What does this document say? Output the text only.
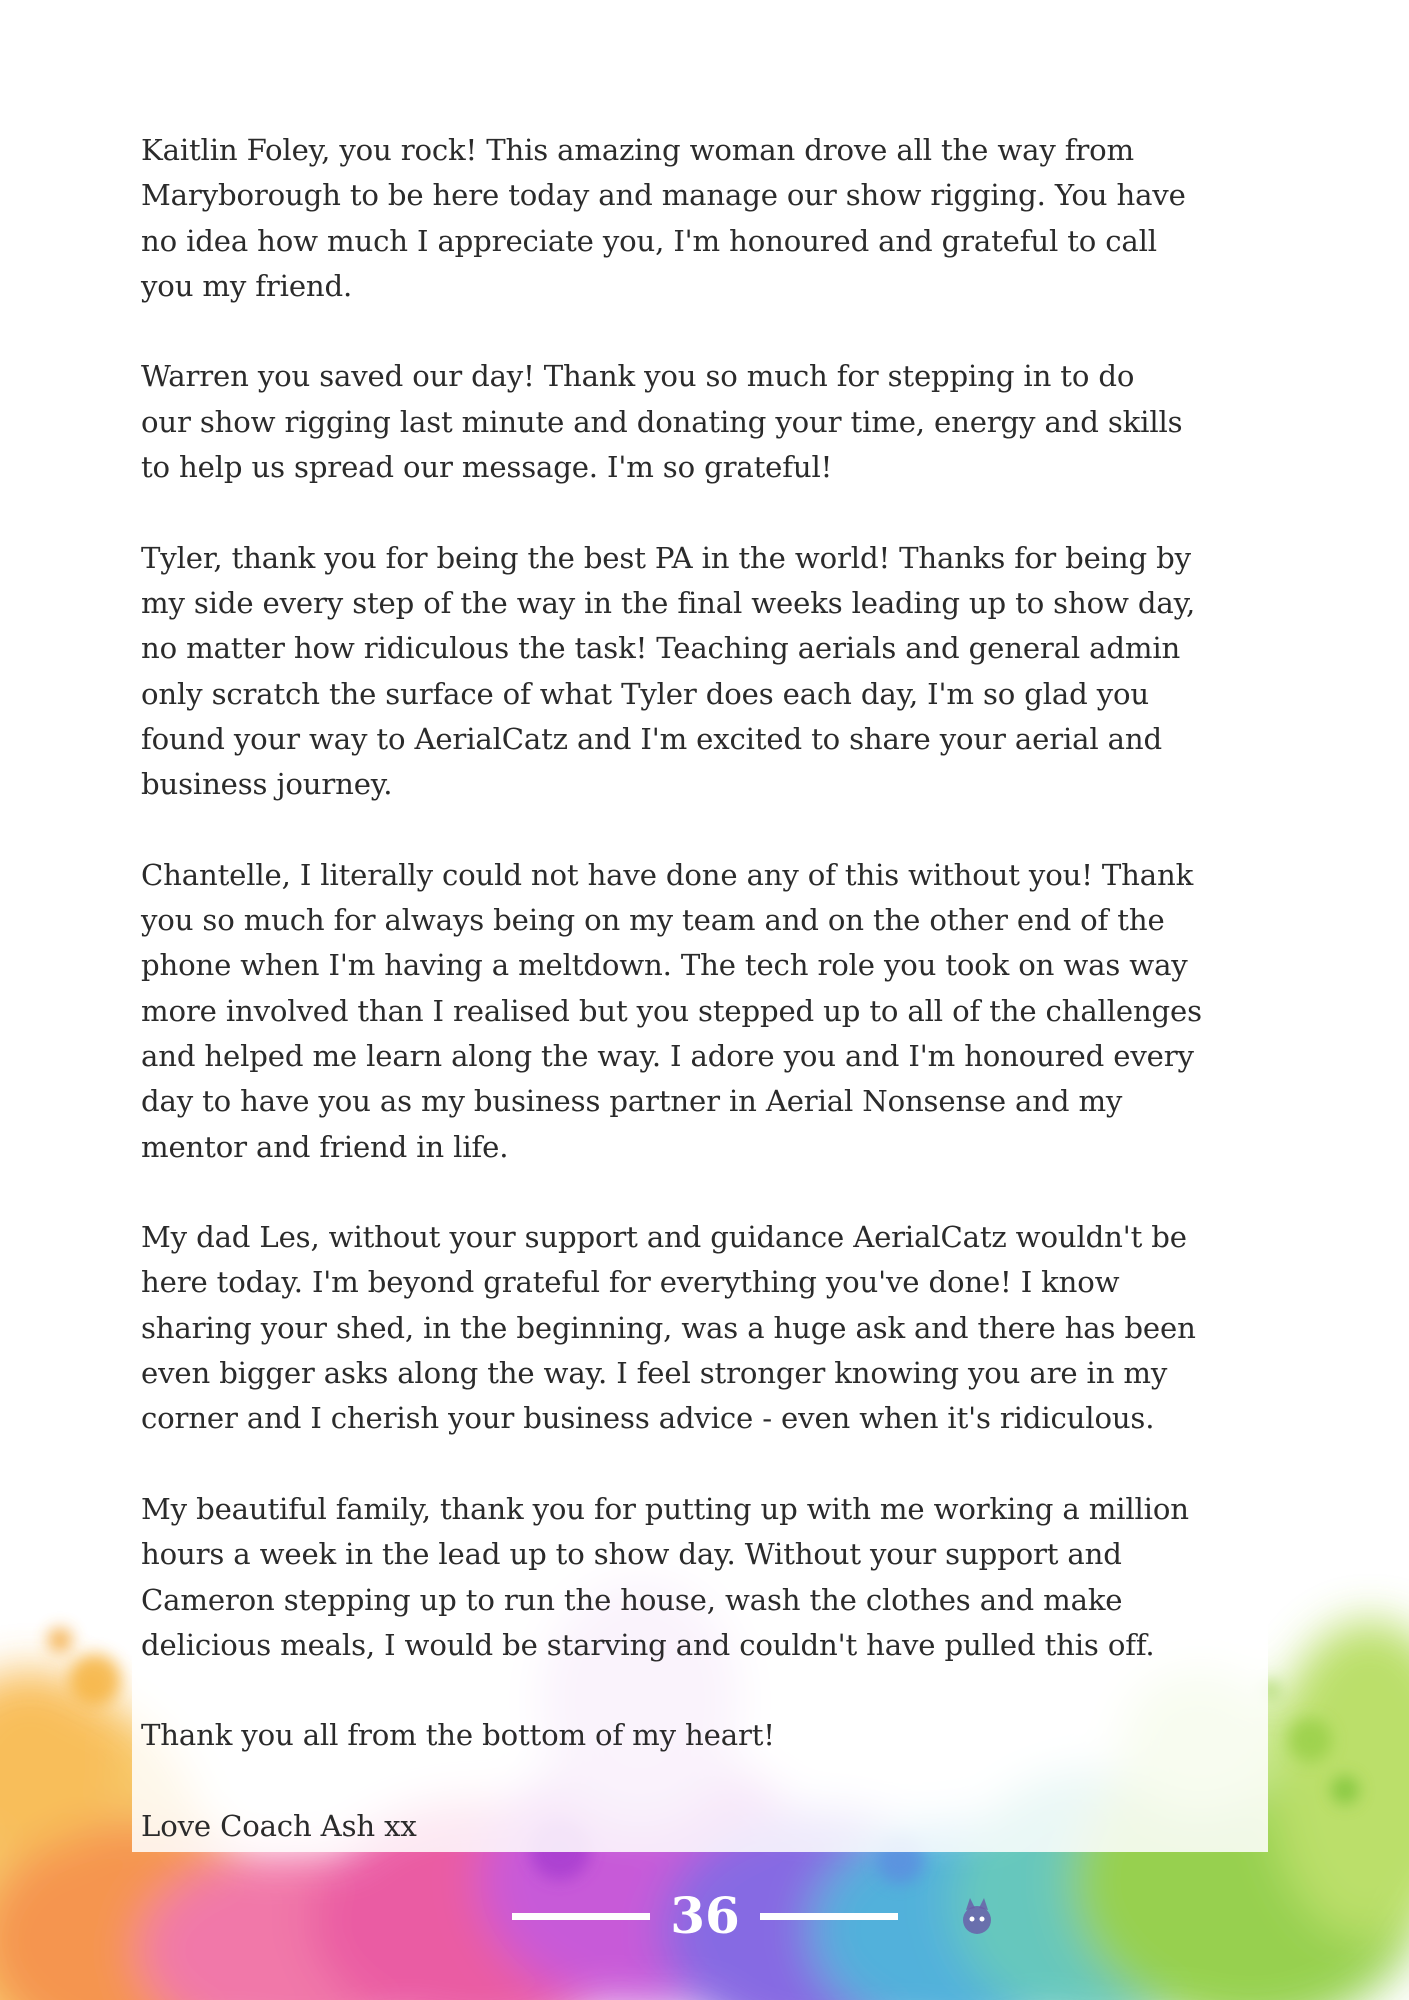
Kaitlin Foley, you rock! This amazing woman drove all the way from
Maryborough to be here today and manage our show rigging. You have
no idea how much I appreciate you, I'm honoured and grateful to call
you my friend.

Warren you saved our day! Thank you so much for stepping in to do
our show rigging last minute and donating your time, energy and skills
to help us spread our message. I'm so grateful!

Tyler, thank you for being the best PA in the world! Thanks for being by
my side every step of the way in the final weeks leading up to show day,
no matter how ridiculous the task! Teaching aerials and general admin
only scratch the surface of what Tyler does each day, I'm so glad you
found your way to AerialCatz and I'm excited to share your aerial and
business journey.

Chantelle, I literally could not have done any of this without you! Thank
you so much for always being on my team and on the other end of the
phone when I'm having a meltdown. The tech role you took on was way
more involved than I realised but you stepped up to all of the challenges
and helped me learn along the way. I adore you and I'm honoured every
day to have you as my business partner in Aerial Nonsense and my
mentor and friend in life.

My dad Les, without your support and guidance AerialCatz wouldn't be
here today. I'm beyond grateful for everything you've done! I know
sharing your shed, in the beginning, was a huge ask and there has been
even bigger asks along the way. I feel stronger knowing you are in my
corner and I cherish your business advice - even when it's ridiculous.

My beautiful family, thank you for putting up with me working a million
hours a week in the lead up to show day. Without your support and
Cameron stepping up to run the house, wash the clothes and make
delicious meals, I would be starving and couldn't have pulled this off.

Thank you all from the bottom of my heart!

Love Coach Ash xx

36
